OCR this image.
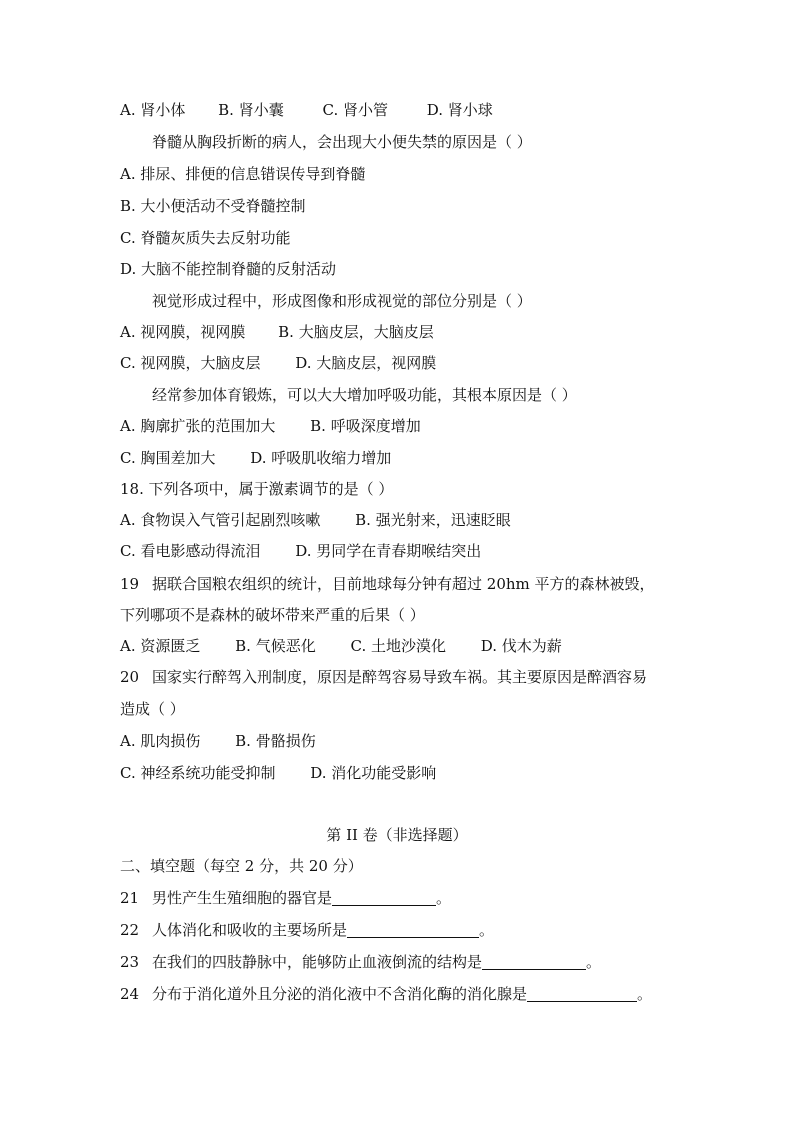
A. 肾小体 B. 肾小囊	C. 肾小管	D. 肾小球
脊髓从胸段折断的病人，会出现大小便失禁的原因是（ ）
A. 排尿、排便的信息错误传导到脊髓
B. 大小便活动不受脊髓控制
C. 脊髓灰质失去反射功能
D. 大脑不能控制脊髓的反射活动
视觉形成过程中，形成图像和形成视觉的部位分别是（ ）
A. 视网膜，视网膜 B. 大脑皮层，大脑皮层
C. 视网膜，大脑皮层 D. 大脑皮层，视网膜
经常参加体育锻炼，可以大大增加呼吸功能，其根本原因是（ ）
A. 胸廓扩张的范围加大 B. 呼吸深度增加
C. 胸围差加大 D. 呼吸肌收缩力增加
18. 下列各项中，属于激素调节的是（ ）
A. 食物误入气管引起剧烈咳嗽 B. 强光射来，迅速眨眼
C. 看电影感动得流泪 D. 男同学在青春期喉结突出
19 据联合国粮农组织的统计，目前地球每分钟有超过 20hm 平方的森林被毁，
下列哪项不是森林的破坏带来严重的后果（ ）
A. 资源匮乏 B. 气候恶化 C. 土地沙漠化 D. 伐木为薪
20 国家实行醉驾入刑制度，原因是醉驾容易导致车祸。其主要原因是醉酒容易
造成（ ）
A. 肌肉损伤 B. 骨骼损伤
C. 神经系统功能受抑制 D. 消化功能受影响
第 II 卷（非选择题）
二、填空题（每空 2 分，共 20 分）
21 男性产生生殖细胞的器官是	。
22 人体消化和吸收的主要场所是	。
23 在我们的四肢静脉中，能够防止血液倒流的结构是	。
24 分布于消化道外且分泌的消化液中不含消化酶的消化腺是	。
